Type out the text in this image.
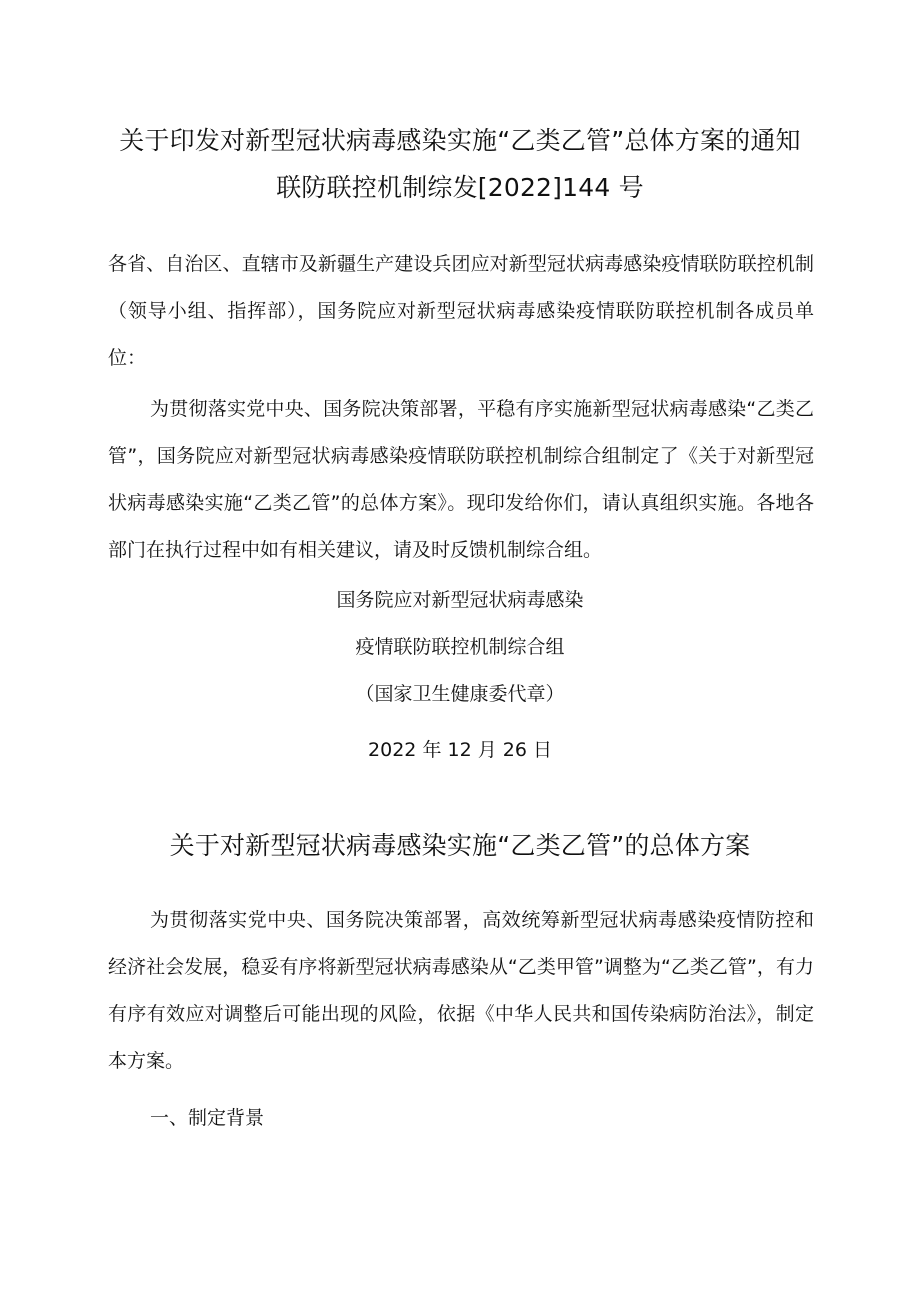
关于印发对新型冠状病毒感染实施“乙类乙管”总体方案的通知
联防联控机制综发[2022]144 号
各省、自治区、直辖市及新疆生产建设兵团应对新型冠状病毒感染疫情联防联控机制（领导小组、指挥部），国务院应对新型冠状病毒感染疫情联防联控机制各成员单位：
为贯彻落实党中央、国务院决策部署，平稳有序实施新型冠状病毒感染“乙类乙管”，国务院应对新型冠状病毒感染疫情联防联控机制综合组制定了《关于对新型冠状病毒感染实施“乙类乙管”的总体方案》。现印发给你们，请认真组织实施。各地各部门在执行过程中如有相关建议，请及时反馈机制综合组。
国务院应对新型冠状病毒感染
疫情联防联控机制综合组
（国家卫生健康委代章）
2022 年 12 月 26 日
关于对新型冠状病毒感染实施“乙类乙管”的总体方案
为贯彻落实党中央、国务院决策部署，高效统筹新型冠状病毒感染疫情防控和经济社会发展，稳妥有序将新型冠状病毒感染从“乙类甲管”调整为“乙类乙管”，有力有序有效应对调整后可能出现的风险，依据《中华人民共和国传染病防治法》，制定本方案。
一、制定背景
